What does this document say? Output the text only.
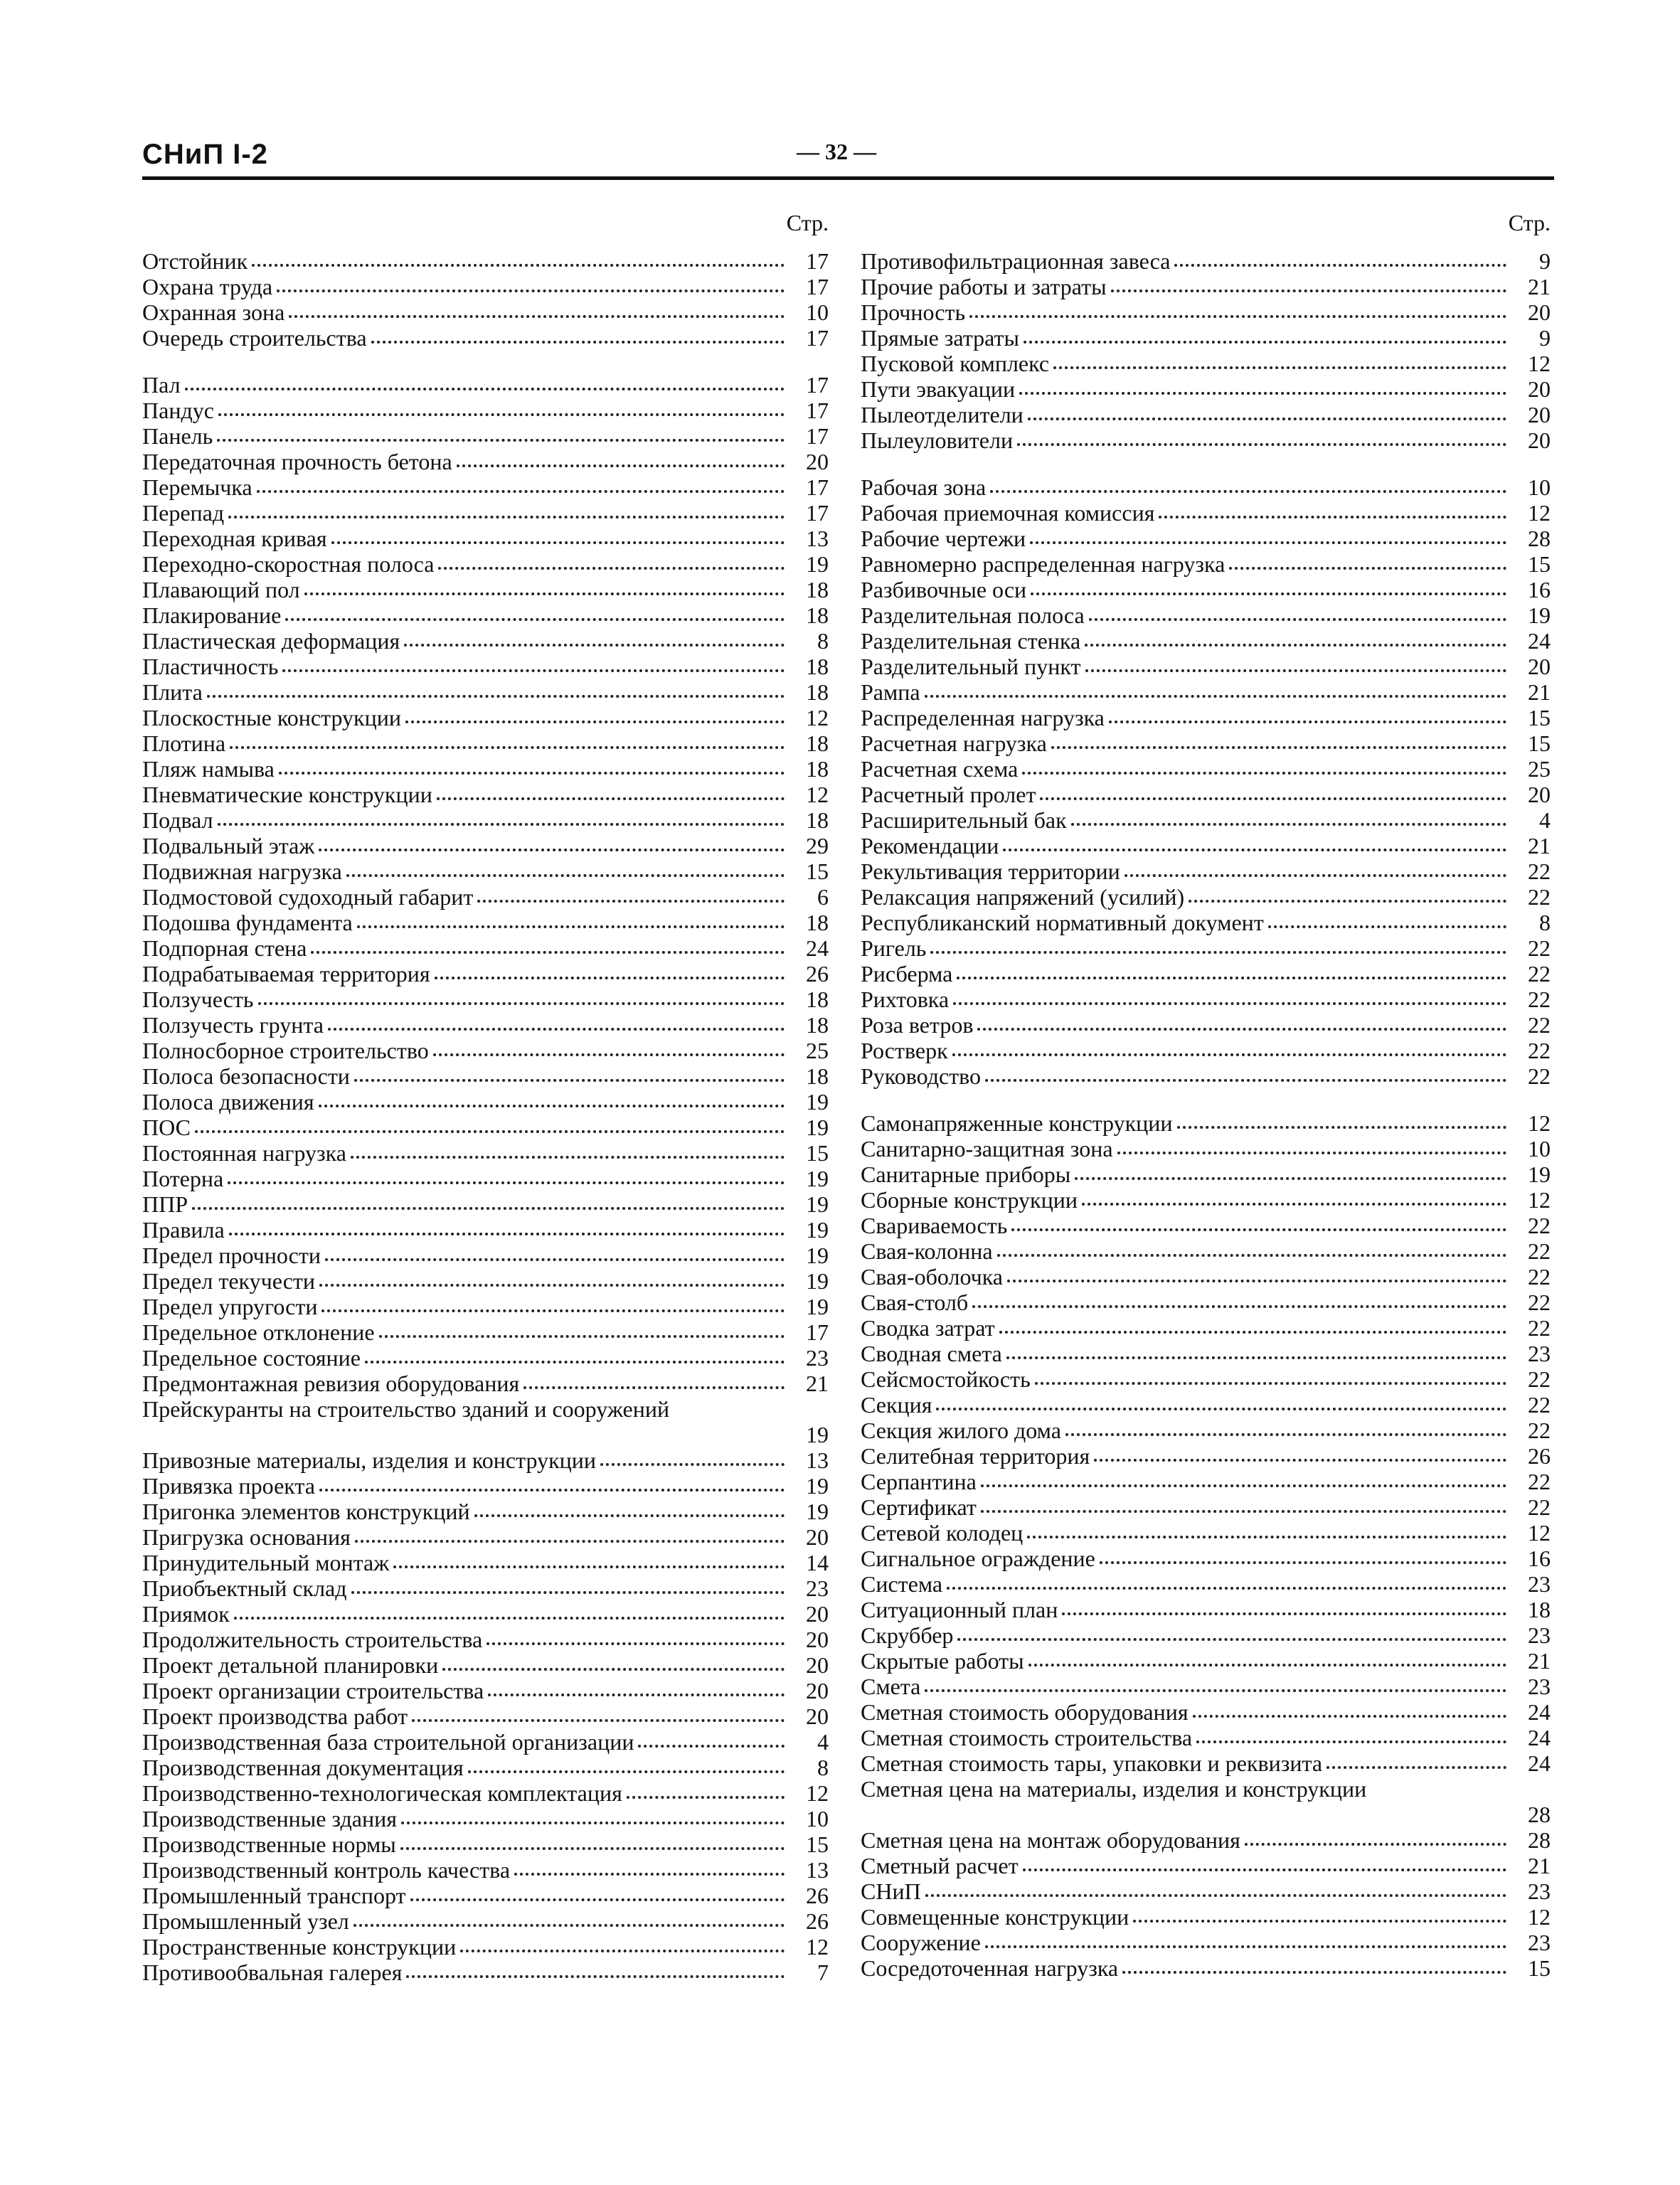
СНиП I-2	— 32 —
Стр.
Отстойник	17
Охрана труда	17
Охранная зона	10
Очередь строительства	17
Пал	17
Пандус	17
Панель	17
Передаточная прочность бетона	20
Перемычка	17
Перепад	17
Переходная кривая	13
Переходно-скоростная полоса	19
Плавающий пол	18
Плакирование	18
Пластическая деформация	8
Пластичность	18
Плита	18
Плоскостные конструкции	12
Плотина	18
Пляж намыва	18
Пневматические конструкции	12
Подвал	18
Подвальный этаж	29
Подвижная нагрузка	15
Подмостовой судоходный габарит	6
Подошва фундамента	18
Подпорная стена	24
Подрабатываемая территория	26
Ползучесть	18
Ползучесть грунта	18
Полносборное строительство	25
Полоса безопасности	18
Полоса движения	19
ПОС	19
Постоянная нагрузка	15
Потерна	19
ППР	19
Правила	19
Предел прочности	19
Предел текучести	19
Предел упругости	19
Предельное отклонение	17
Предельное состояние	23
Предмонтажная ревизия оборудования	21
Прейскуранты на строительство зданий и сооружений
19
Привозные материалы, изделия и конструкции	13
Привязка проекта	19
Пригонка элементов конструкций	19
Пригрузка основания	20
Принудительный монтаж	14
Приобъектный склад	23
Приямок	20
Продолжительность строительства	20
Проект детальной планировки	20
Проект организации строительства	20
Проект производства работ	20
Производственная база строительной организации	4
Производственная документация	8
Производственно-технологическая комплектация	12
Производственные здания	10
Производственные нормы	15
Производственный контроль качества	13
Промышленный транспорт	26
Промышленный узел	26
Пространственные конструкции	12
Противообвальная галерея	7
Стр.
Противофильтрационная завеса	9
Прочие работы и затраты	21
Прочность	20
Прямые затраты	9
Пусковой комплекс	12
Пути эвакуации	20
Пылеотделители	20
Пылеуловители	20
Рабочая зона	10
Рабочая приемочная комиссия	12
Рабочие чертежи	28
Равномерно распределенная нагрузка	15
Разбивочные оси	16
Разделительная полоса	19
Разделительная стенка	24
Разделительный пункт	20
Рампа	21
Распределенная нагрузка	15
Расчетная нагрузка	15
Расчетная схема	25
Расчетный пролет	20
Расширительный бак	4
Рекомендации	21
Рекультивация территории	22
Релаксация напряжений (усилий)	22
Республиканский нормативный документ	8
Ригель	22
Рисберма	22
Рихтовка	22
Роза ветров	22
Ростверк	22
Руководство	22
Самонапряженные конструкции	12
Санитарно-защитная зона	10
Санитарные приборы	19
Сборные конструкции	12
Свариваемость	22
Свая-колонна	22
Свая-оболочка	22
Свая-столб	22
Сводка затрат	22
Сводная смета	23
Сейсмостойкость	22
Секция	22
Секция жилого дома	22
Селитебная территория	26
Серпантина	22
Сертификат	22
Сетевой колодец	12
Сигнальное ограждение	16
Система	23
Ситуационный план	18
Скруббер	23
Скрытые работы	21
Смета	23
Сметная стоимость оборудования	24
Сметная стоимость строительства	24
Сметная стоимость тары, упаковки и реквизита	24
Сметная цена на материалы, изделия и конструкции
28
Сметная цена на монтаж оборудования	28
Сметный расчет	21
СНиП	23
Совмещенные конструкции	12
Сооружение	23
Сосредоточенная нагрузка	15
